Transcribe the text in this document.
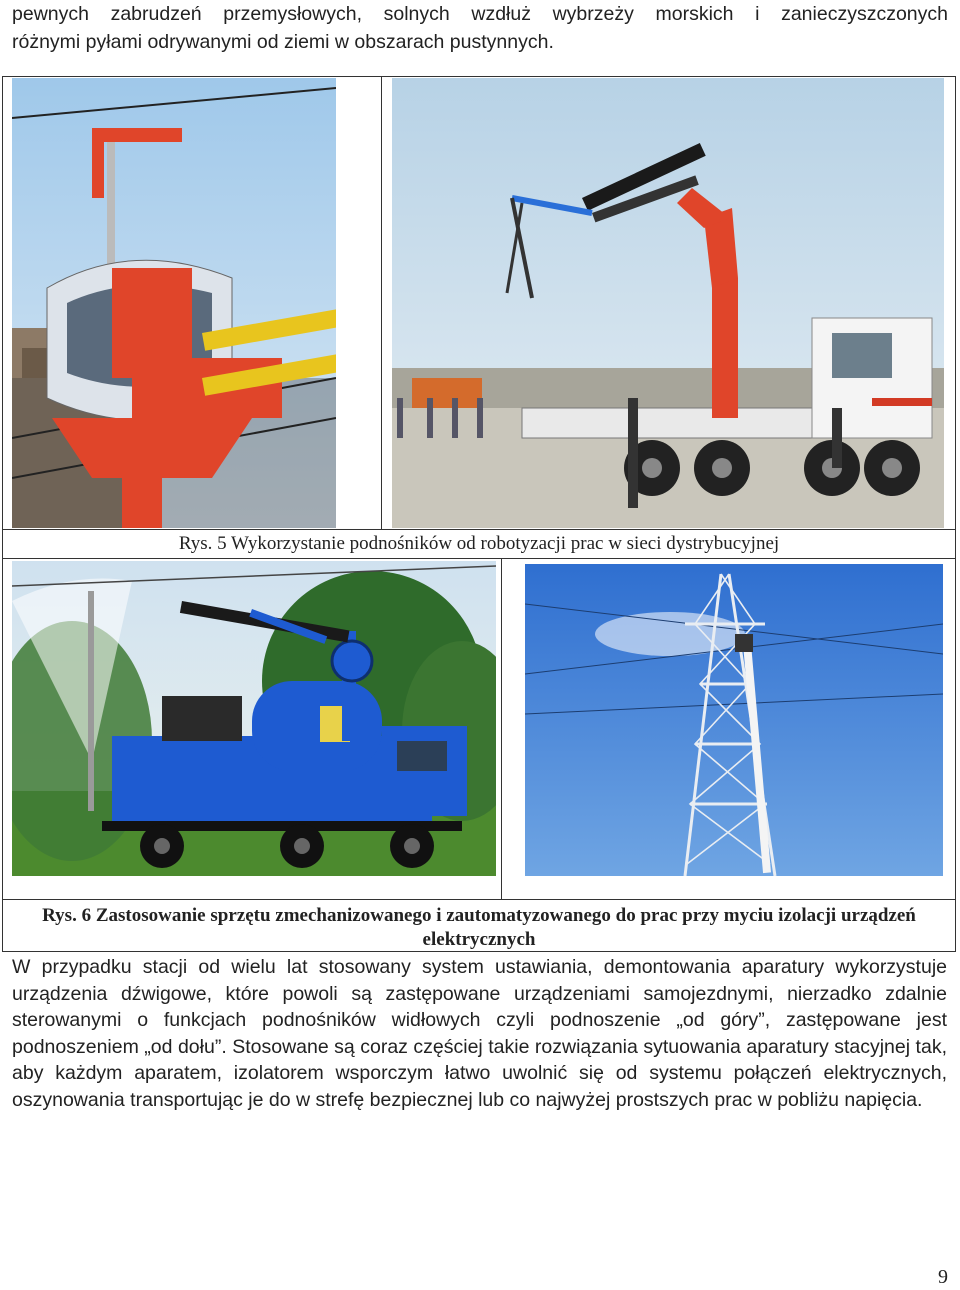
pewnych zabrudzeń przemysłowych, solnych wzdłuż wybrzeży morskich i zanieczyszczonych
różnymi pyłami odrywanymi od ziemi w obszarach pustynnych.

Rys. 5 Wykorzystanie podnośników od robotyzacji prac w sieci dystrybucyjnej

Rys. 6 Zastosowanie sprzętu zmechanizowanego i zautomatyzowanego do prac przy myciu izolacji urządzeń elektrycznych

W przypadku stacji od wielu lat stosowany system ustawiania, demontowania aparatury wykorzystuje urządzenia dźwigowe, które powoli są zastępowane urządzeniami samojezdnymi, nierzadko zdalnie sterowanymi o funkcjach podnośników widłowych czyli podnoszenie „od góry”, zastępowane jest podnoszeniem „od dołu”. Stosowane są coraz częściej takie rozwiązania sytuowania aparatury stacyjnej tak, aby każdym aparatem, izolatorem wsporczym łatwo uwolnić się od systemu połączeń elektrycznych, oszynowania transportując je do w strefę bezpiecznej lub co najwyżej prostszych prac w pobliżu napięcia.

9
